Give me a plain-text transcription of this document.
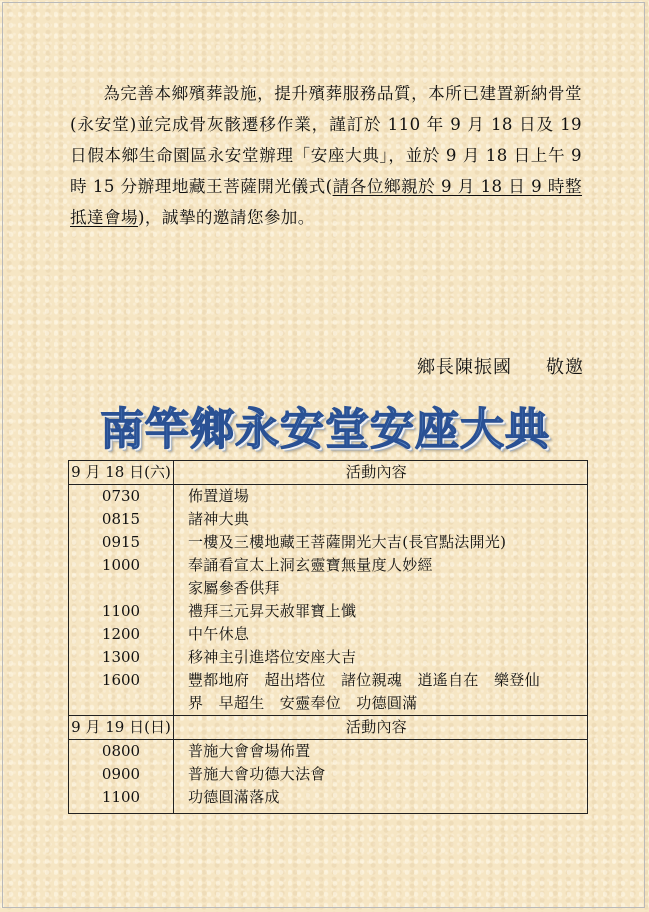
為完善本鄉殯葬設施，提升殯葬服務品質，本所已建置新納骨堂(永安堂)並完成骨灰骸遷移作業，謹訂於 110 年 9 月 18 日及 19 日假本鄉生命園區永安堂辦理「安座大典」，並於 9 月 18 日上午 9 時 15 分辦理地藏王菩薩開光儀式(請各位鄉親於 9 月 18 日 9 時整抵達會場)，誠摯的邀請您參加。

鄉長陳振國 敬邀
南竿鄉永安堂安座大典
9 月 18 日(六)	活動內容
0730	佈置道場
0815	諸神大典
0915	一樓及三樓地藏王菩薩開光大吉(長官點法開光)
1000	奉誦看宣太上洞玄靈寶無量度人妙經
家屬參香供拜

1100	禮拜三元昇天赦罪寶上懺
1200	中午休息
1300	移神主引進塔位安座大吉
1600	豐都地府　超出塔位　諸位親魂　逍遙自在　樂登仙
界　早超生　安靈奉位　功德圓滿

9 月 19 日(日)	活動內容
0800	普施大會會場佈置
0900	普施大會功德大法會
1100	功德圓滿落成
